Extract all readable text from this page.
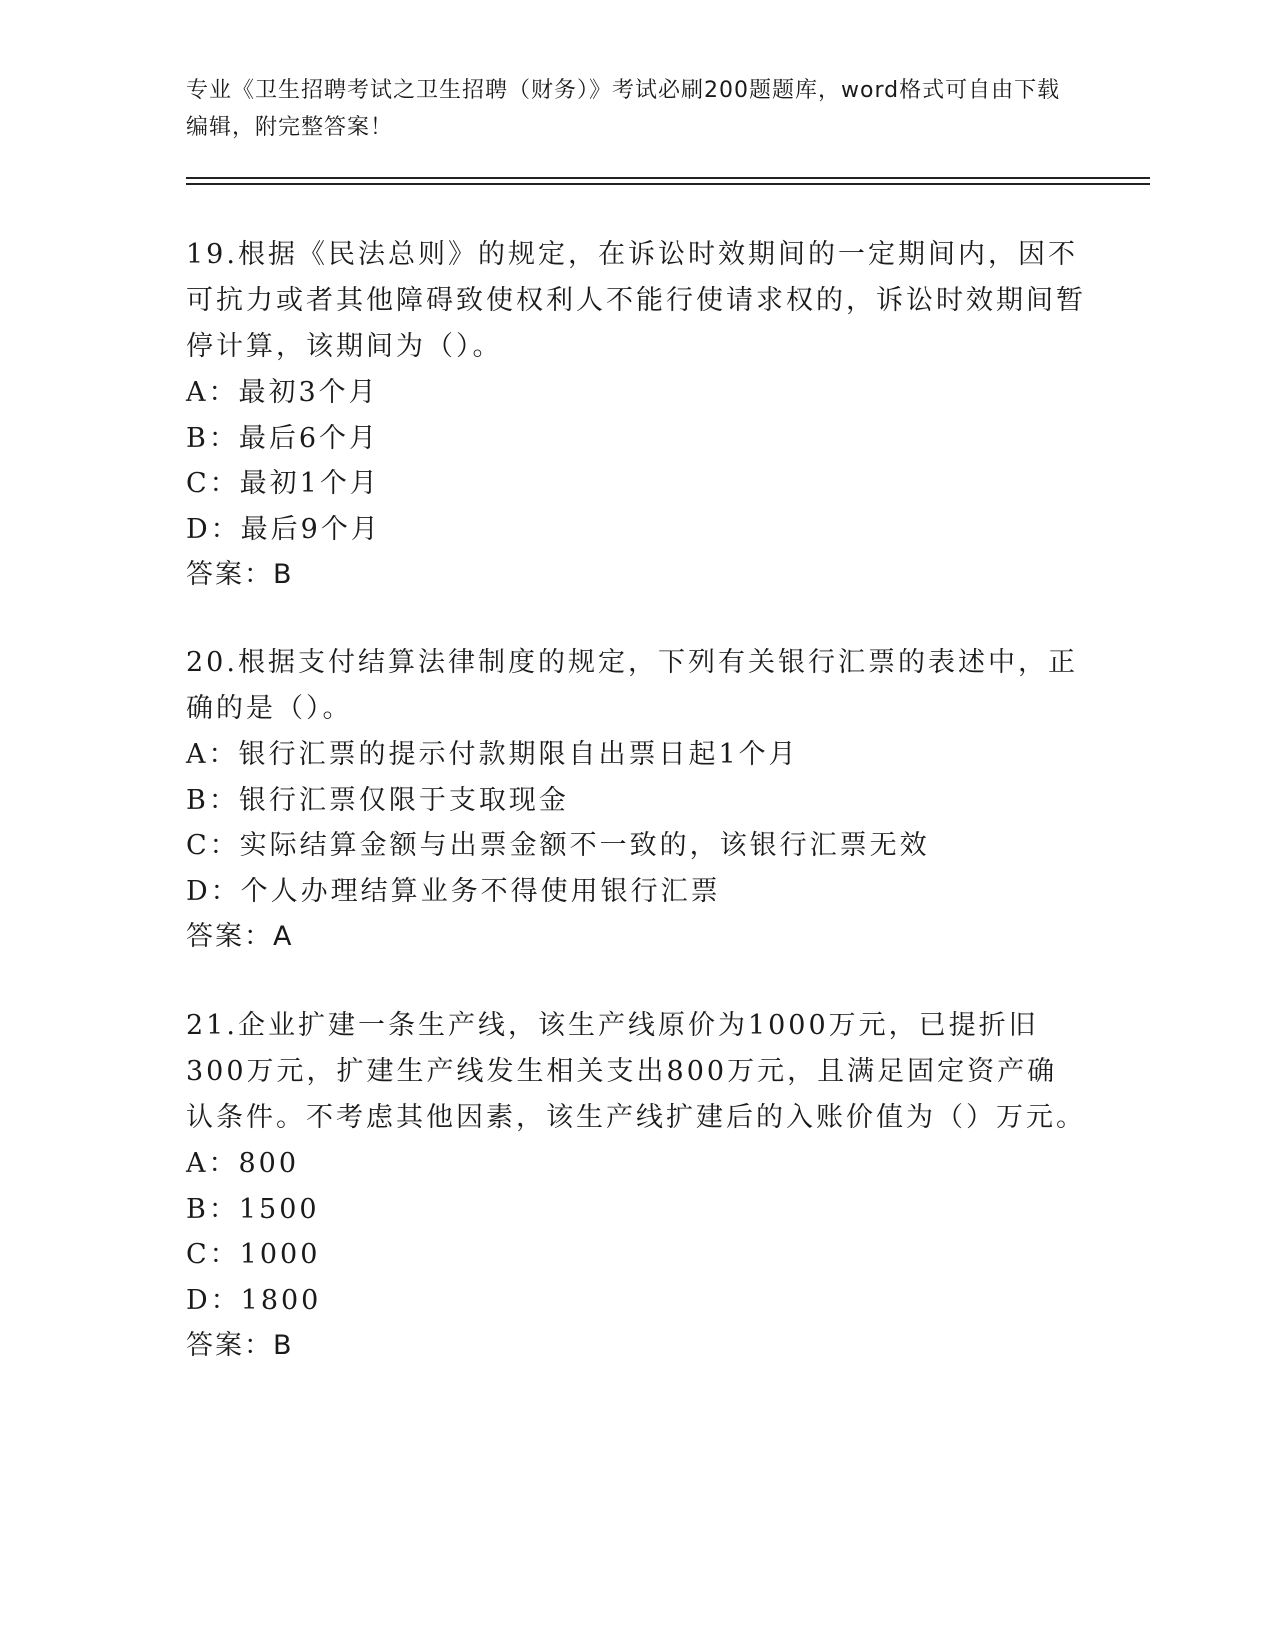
专业《卫生招聘考试之卫生招聘（财务）》考试必刷200题题库，word格式可自由下载编辑，附完整答案！

19.根据《民法总则》的规定，在诉讼时效期间的一定期间内，因不可抗力或者其他障碍致使权利人不能行使请求权的，诉讼时效期间暂停计算，该期间为（）。

A：最初3个月

B：最后6个月

C：最初1个月

D：最后9个月

答案：B

20.根据支付结算法律制度的规定，下列有关银行汇票的表述中，正确的是（）。

A：银行汇票的提示付款期限自出票日起1个月

B：银行汇票仅限于支取现金

C：实际结算金额与出票金额不一致的，该银行汇票无效

D：个人办理结算业务不得使用银行汇票

答案：A

21.企业扩建一条生产线，该生产线原价为1000万元，已提折旧300万元，扩建生产线发生相关支出800万元，且满足固定资产确认条件。不考虑其他因素，该生产线扩建后的入账价值为（）万元。

A：800

B：1500

C：1000

D：1800

答案：B
